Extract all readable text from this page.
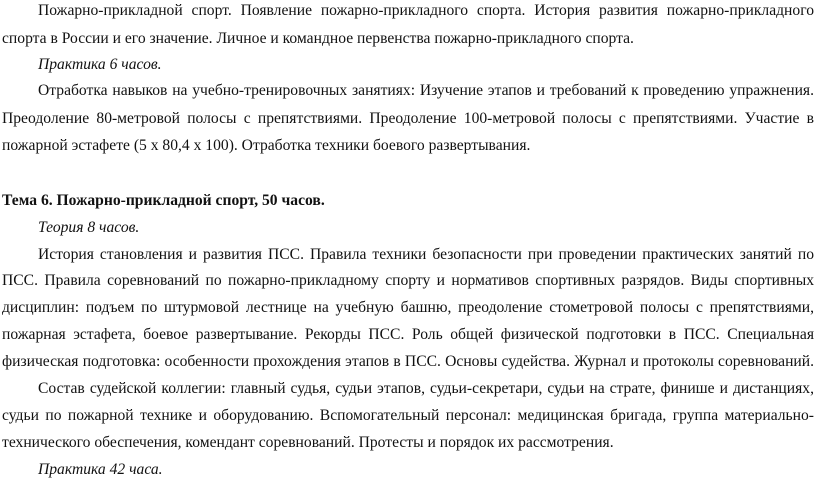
Пожарно-прикладной спорт. Появление пожарно-прикладного спорта. История развития пожарно-прикладного
спорта в России и его значение. Личное и командное первенства пожарно-прикладного спорта.
Практика 6 часов.
Отработка навыков на учебно-тренировочных занятиях: Изучение этапов и требований к проведению упражнения.
Преодоление 80-метровой полосы с препятствиями. Преодоление 100-метровой полосы с препятствиями. Участие в
пожарной эстафете (5 х 80,4 х 100). Отработка техники боевого развертывания.
Тема 6. Пожарно-прикладной спорт, 50 часов.
Теория 8 часов.
История становления и развития ПСС. Правила техники безопасности при проведении практических занятий по
ПСС. Правила соревнований по пожарно-прикладному спорту и нормативов спортивных разрядов. Виды спортивных
дисциплин: подъем по штурмовой лестнице на учебную башню, преодоление стометровой полосы с препятствиями,
пожарная эстафета, боевое развертывание. Рекорды ПСС. Роль общей физической подготовки в ПСС. Специальная
физическая подготовка: особенности прохождения этапов в ПСС. Основы судейства. Журнал и протоколы соревнований.
Состав судейской коллегии: главный судья, судьи этапов, судьи-секретари, судьи на страте, финише и дистанциях,
судьи по пожарной технике и оборудованию. Вспомогательный персонал: медицинская бригада, группа материально-
технического обеспечения, комендант соревнований. Протесты и порядок их рассмотрения.
Практика 42 часа.
